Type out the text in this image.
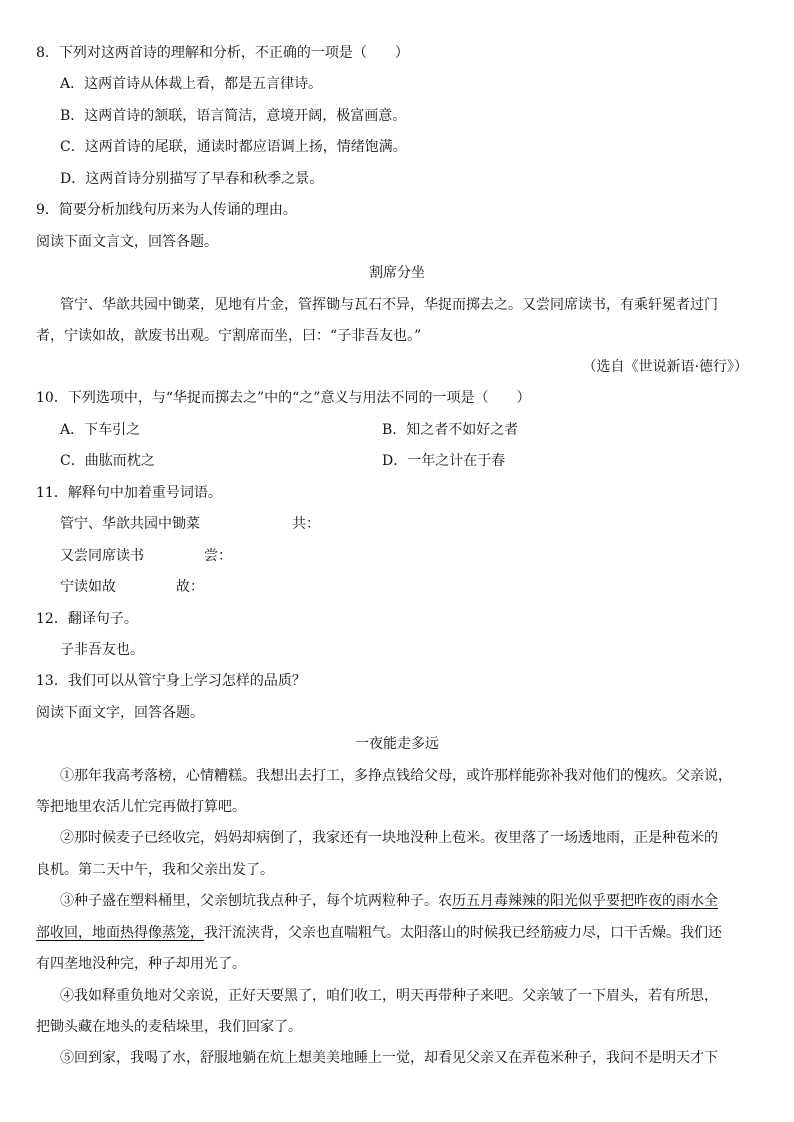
8．下列对这两首诗的理解和分析，不正确的一项是（　　）
A．这两首诗从体裁上看，都是五言律诗。
B．这两首诗的颔联，语言简洁，意境开阔，极富画意。
C．这两首诗的尾联，通读时都应语调上扬，情绪饱满。
D．这两首诗分别描写了早春和秋季之景。
9．简要分析加线句历来为人传诵的理由。
阅读下面文言文，回答各题。
割席分坐
管宁、华歆共园中锄菜，见地有片金，管挥锄与瓦石不异，华捉而掷去之。又尝同席读书，有乘轩冕者过门
者，宁读如故，歆废书出观。宁割席而坐，曰：“子非吾友也。”
（选自《世说新语·德行》）
10．下列选项中，与“华捉而掷去之”中的“之”意义与用法不同的一项是（　　）
A．下车引之	B．知之者不如好之者
C．曲肱而枕之	D．一年之计在于春
11．解释句中加着重号词语。
管宁、华歆共园中锄菜	共：
又尝同席读书	尝：
宁读如故	故：
12．翻译句子。
子非吾友也。
13．我们可以从管宁身上学习怎样的品质？
阅读下面文字，回答各题。
一夜能走多远
①那年我高考落榜，心情糟糕。我想出去打工，多挣点钱给父母，或许那样能弥补我对他们的愧疚。父亲说，
等把地里农活儿忙完再做打算吧。
②那时候麦子已经收完，妈妈却病倒了，我家还有一块地没种上苞米。夜里落了一场透地雨，正是种苞米的
良机。第二天中午，我和父亲出发了。
③种子盛在塑料桶里，父亲刨坑我点种子，每个坑两粒种子。农历五月毒辣辣的阳光似乎要把昨夜的雨水全
部收回，地面热得像蒸笼，我汗流浃背，父亲也直喘粗气。太阳落山的时候我已经筋疲力尽，口干舌燥。我们还
有四垄地没种完，种子却用光了。
④我如释重负地对父亲说，正好天要黑了，咱们收工，明天再带种子来吧。父亲皱了一下眉头，若有所思，
把锄头藏在地头的麦秸垛里，我们回家了。
⑤回到家，我喝了水，舒服地躺在炕上想美美地睡上一觉，却看见父亲又在弄苞米种子，我问不是明天才下
